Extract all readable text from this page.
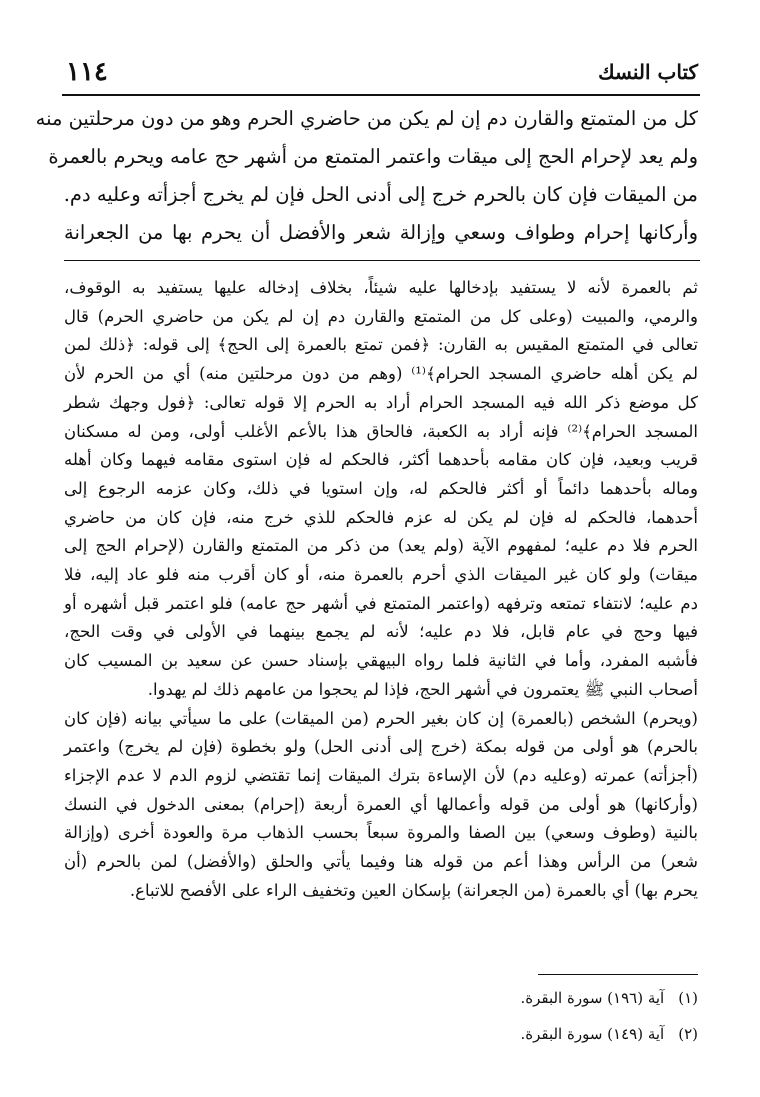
كتاب النسك
١١٤
كل من المتمتع والقارن دم إن لم يكن من حاضري الحرم وهو من دون مرحلتين منه
ولم يعد لإحرام الحج إلى ميقات واعتمر المتمتع من أشهر حج عامه ويحرم بالعمرة
من الميقات فإن كان بالحرم خرج إلى أدنى الحل فإن لم يخرج أجزأته وعليه دم.
وأركانها إحرام وطواف وسعي وإزالة شعر والأفضل أن يحرم بها من الجعرانة
ثم بالعمرة لأنه لا يستفيد بإدخالها عليه شيئاً، بخلاف إدخاله عليها يستفيد به الوقوف،
والرمي، والمبيت (وعلى كل من المتمتع والقارن دم إن لم يكن من حاضري الحرم) قال
تعالى في المتمتع المقيس به القارن: ﴿فمن تمتع بالعمرة إلى الحج﴾ إلى قوله: ﴿ذلك لمن
لم يكن أهله حاضري المسجد الحرام﴾⁽¹⁾ (وهم من دون مرحلتين منه) أي من الحرم لأن
كل موضع ذكر الله فيه المسجد الحرام أراد به الحرم إلا قوله تعالى: ﴿فول وجهك شطر
المسجد الحرام﴾⁽²⁾ فإنه أراد به الكعبة، فالحاق هذا بالأعم الأغلب أولى، ومن له مسكنان
قريب وبعيد، فإن كان مقامه بأحدهما أكثر، فالحكم له فإن استوى مقامه فيهما وكان أهله
وماله بأحدهما دائماً أو أكثر فالحكم له، وإن استويا في ذلك، وكان عزمه الرجوع إلى
أحدهما، فالحكم له فإن لم يكن له عزم فالحكم للذي خرج منه، فإن كان من حاضري
الحرم فلا دم عليه؛ لمفهوم الآية (ولم يعد) من ذكر من المتمتع والقارن (لإحرام الحج إلى
ميقات) ولو كان غير الميقات الذي أحرم بالعمرة منه، أو كان أقرب منه فلو عاد إليه، فلا
دم عليه؛ لانتفاء تمتعه وترفهه (واعتمر المتمتع في أشهر حج عامه) فلو اعتمر قبل أشهره أو
فيها وحج في عام قابل، فلا دم عليه؛ لأنه لم يجمع بينهما في الأولى في وقت الحج،
فأشبه المفرد، وأما في الثانية فلما رواه البيهقي بإسناد حسن عن سعيد بن المسيب كان
أصحاب النبي ﷺ يعتمرون في أشهر الحج، فإذا لم يحجوا من عامهم ذلك لم يهدوا.
(ويحرم) الشخص (بالعمرة) إن كان بغير الحرم (من الميقات) على ما سيأتي بيانه (فإن كان
بالحرم) هو أولى من قوله بمكة (خرج إلى أدنى الحل) ولو بخطوة (فإن لم يخرج) واعتمر
(أجزأته) عمرته (وعليه دم) لأن الإساءة بترك الميقات إنما تقتضي لزوم الدم لا عدم الإجزاء
(وأركانها) هو أولى من قوله وأعمالها أي العمرة أربعة (إحرام) بمعنى الدخول في النسك
بالنية (وطوف وسعي) بين الصفا والمروة سبعاً بحسب الذهاب مرة والعودة أخرى (وإزالة
شعر) من الرأس وهذا أعم من قوله هنا وفيما يأتي والحلق (والأفضل) لمن بالحرم (أن
يحرم بها) أي بالعمرة (من الجعرانة) بإسكان العين وتخفيف الراء على الأفصح للاتباع.
(١)آية (١٩٦) سورة البقرة.
(٢)آية (١٤٩) سورة البقرة.
